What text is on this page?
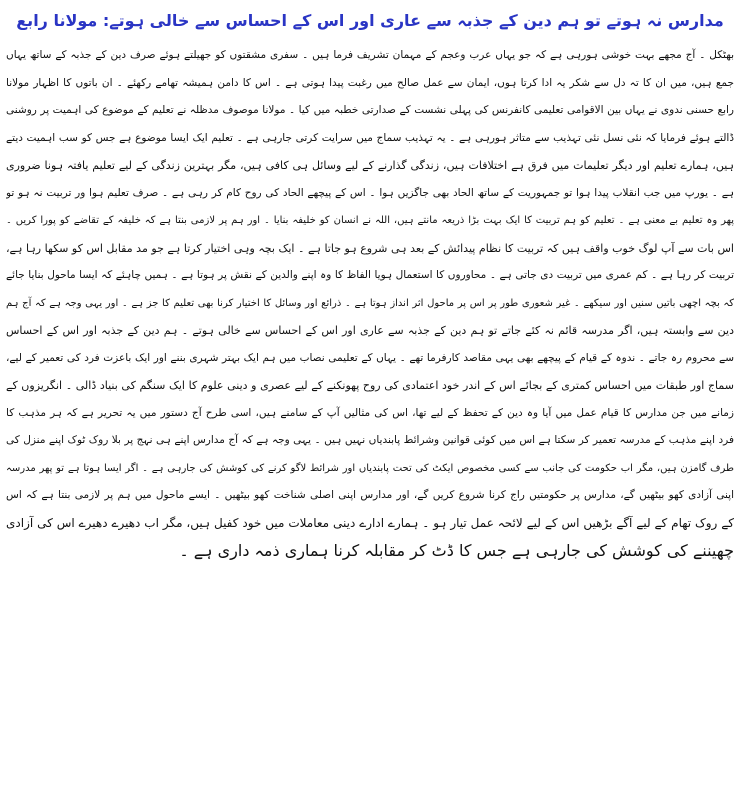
مدارس نہ ہوتے تو ہم دین کے جذبہ سے عاری اور اس کے احساس سے خالی ہوتے: مولانا رابع
بھٹکل ۔ آج مجھے بہت خوشی ہورہی ہے کہ جو یہاں عرب وعجم کے مہمان تشریف فرما ہیں ۔ سفری مشقتوں کو جھیلتے ہوئے صرف دین کے جذبہ کے ساتھ یہاں
جمع ہیں، میں ان کا تہ دل سے شکر یہ ادا کرتا ہوں، ایمان سے عمل صالح میں رغبت پیدا ہوتی ہے ۔ اس کا دامن ہمیشہ تھامے رکھئے ۔ ان باتوں کا اظہار مولانا
رابع حسنی ندوی نے یہاں بین الاقوامی تعلیمی کانفرنس کی پہلی نشست کے صدارتی خطبہ میں کیا ۔ مولانا موصوف مدظلہ نے تعلیم کے موضوع کی اہمیت پر روشنی
ڈالتے ہوئے فرمایا کہ نئی نسل نئی تہذیب سے متاثر ہورہی ہے ۔ یہ تہذیب سماج میں سرایت کرتی جارہی ہے ۔ تعلیم ایک ایسا موضوع ہے جس کو سب اہمیت دیتے
ہیں، ہمارے تعلیم اور دیگر تعلیمات میں فرق ہے اختلافات ہیں، زندگی گذارنے کے لیے وسائل ہی کافی ہیں، مگر بہترین زندگی کے لیے تعلیم یافتہ ہونا ضروری
ہے ۔ یورپ میں جب انقلاب پیدا ہوا تو جمہوریت کے ساتھ الحاد بھی جاگزیں ہوا ۔ اس کے پیچھے الحاد کی روح کام کر رہی ہے ۔ صرف تعلیم ہوا ور تربیت نہ ہو تو
پھر وہ تعلیم بے معنی ہے ۔ تعلیم کو ہم تربیت کا ایک بہت بڑا ذریعہ مانتے ہیں، اللہ نے انسان کو خلیفہ بنایا ۔ اور ہم پر لازمی بنتا ہے کہ خلیفہ کے تقاضے کو پورا کریں ۔
اس بات سے آپ لوگ خوب واقف ہیں کہ تربیت کا نظام پیدائش کے بعد ہی شروع ہو جاتا ہے ۔ ایک بچہ وہی اختیار کرتا ہے جو مد مقابل اس کو سکھا رہا ہے،
تربیت کر رہا ہے ۔ کم عمری میں تربیت دی جاتی ہے ۔ محاوروں کا استعمال ہویا الفاظ کا وہ اپنے والدین کے نقش پر ہوتا ہے ۔ ہمیں چاہئے کہ ایسا ماحول بنایا جائے
کہ بچہ اچھی باتیں سنیں اور سیکھے ۔ غیر شعوری طور پر اس پر ماحول اثر انداز ہوتا ہے ۔ ذرائع اور وسائل کا اختیار کرنا بھی تعلیم کا جز ہے ۔ اور یہی وجہ ہے کہ آج ہم
دین سے وابستہ ہیں، اگر مدرسہ قائم نہ کئے جاتے تو ہم دین کے جذبہ سے عاری اور اس کے احساس سے خالی ہوتے ۔ ہم دین کے جذبہ اور اس کے احساس
سے محروم رہ جاتے ۔ ندوہ کے قیام کے پیچھے بھی یہی مقاصد کارفرما تھے ۔ یہاں کے تعلیمی نصاب میں ہم ایک بہتر شہری بننے اور ایک باعزت فرد کی تعمیر کے لیے،
سماج اور طبقات میں احساس کمتری کے بجائے اس کے اندر خود اعتمادی کی روح پھونکنے کے لیے عصری و دینی علوم کا ایک سنگم کی بنیاد ڈالی ۔ انگریزوں کے
زمانے میں جن مدارس کا قیام عمل میں آیا وہ دین کے تحفظ کے لیے تھا، اس کی مثالیں آپ کے سامنے ہیں، اسی طرح آج دستور میں یہ تحریر ہے کہ ہر مذہب کا
فرد اپنے مذہب کے مدرسہ تعمیر کر سکتا ہے اس میں کوئی قوانین وشرائط پابندیاں نہیں ہیں ۔ یہی وجہ ہے کہ آج مدارس اپنے ہی نہج پر بلا روک ٹوک اپنے منزل کی
طرف گامزن ہیں، مگر اب حکومت کی جانب سے کسی مخصوص ایکٹ کی تحت پابندیاں اور شرائط لاگو کرنے کی کوشش کی جارہی ہے ۔ اگر ایسا ہوتا ہے تو پھر مدرسہ
اپنی آزادی کھو بیٹھیں گے، مدارس پر حکومتیں راج کرنا شروع کریں گے، اور مدارس اپنی اصلی شناخت کھو بیٹھیں ۔ ایسے ماحول میں ہم پر لازمی بنتا ہے کہ اس
کے روک تھام کے لیے آگے بڑھیں اس کے لیے لائحہ عمل تیار ہو ۔ ہمارے ادارے دینی معاملات میں خود کفیل ہیں، مگر اب دھیرے دھیرے اس کی آزادی
چھیننے کی کوشش کی جارہی ہے جس کا ڈٹ کر مقابلہ کرنا ہماری ذمہ داری ہے ۔
